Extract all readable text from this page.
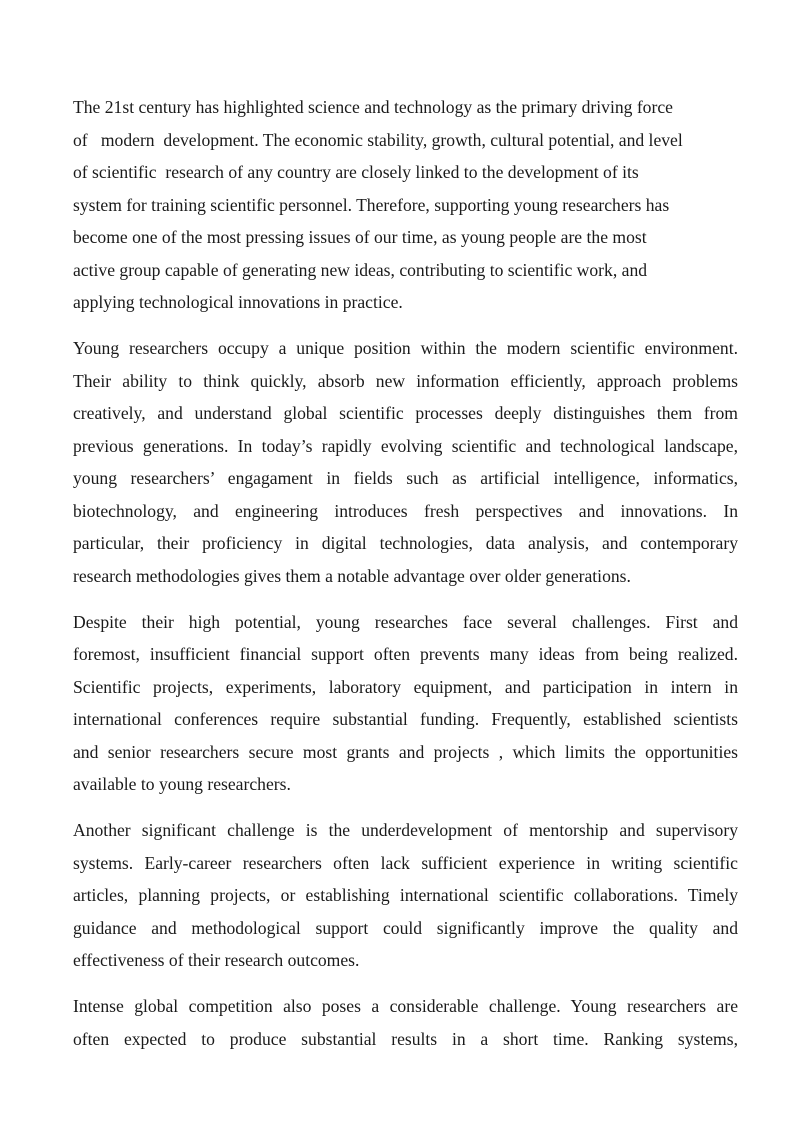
The 21st century has highlighted science and technology as the primary driving force
of   modern  development. The economic stability, growth, cultural potential, and level
of scientific  research of any country are closely linked to the development of its
system for training scientific personnel. Therefore, supporting young researchers has
become one of the most pressing issues of our time, as young people are the most
active group capable of generating new ideas, contributing to scientific work, and
applying technological innovations in practice.
Young researchers occupy a unique position within the modern scientific environment.
Their ability to think quickly, absorb new information efficiently, approach problems
creatively, and understand global scientific processes deeply distinguishes them from
previous generations. In today’s rapidly evolving scientific and technological landscape,
young researchers’ engagament in fields such as artificial intelligence, informatics,
biotechnology, and engineering introduces fresh perspectives and innovations. In
particular, their proficiency in digital technologies, data analysis, and contemporary
research methodologies gives them a notable advantage over older generations.
Despite their high potential, young researches face several challenges. First and
foremost, insufficient financial support often prevents many ideas from being realized.
Scientific projects, experiments, laboratory equipment, and participation in intern in
international conferences require substantial funding. Frequently, established scientists
and senior researchers secure most grants and projects , which limits the opportunities
available to young researchers.
Another significant challenge is the underdevelopment of mentorship and supervisory
systems. Early-career researchers often lack sufficient experience in writing scientific
articles, planning projects, or establishing international scientific collaborations. Timely
guidance and methodological support could significantly improve the quality and
effectiveness of their research outcomes.
Intense global competition also poses a considerable challenge. Young researchers are
often expected to produce substantial results in a short time. Ranking systems,
